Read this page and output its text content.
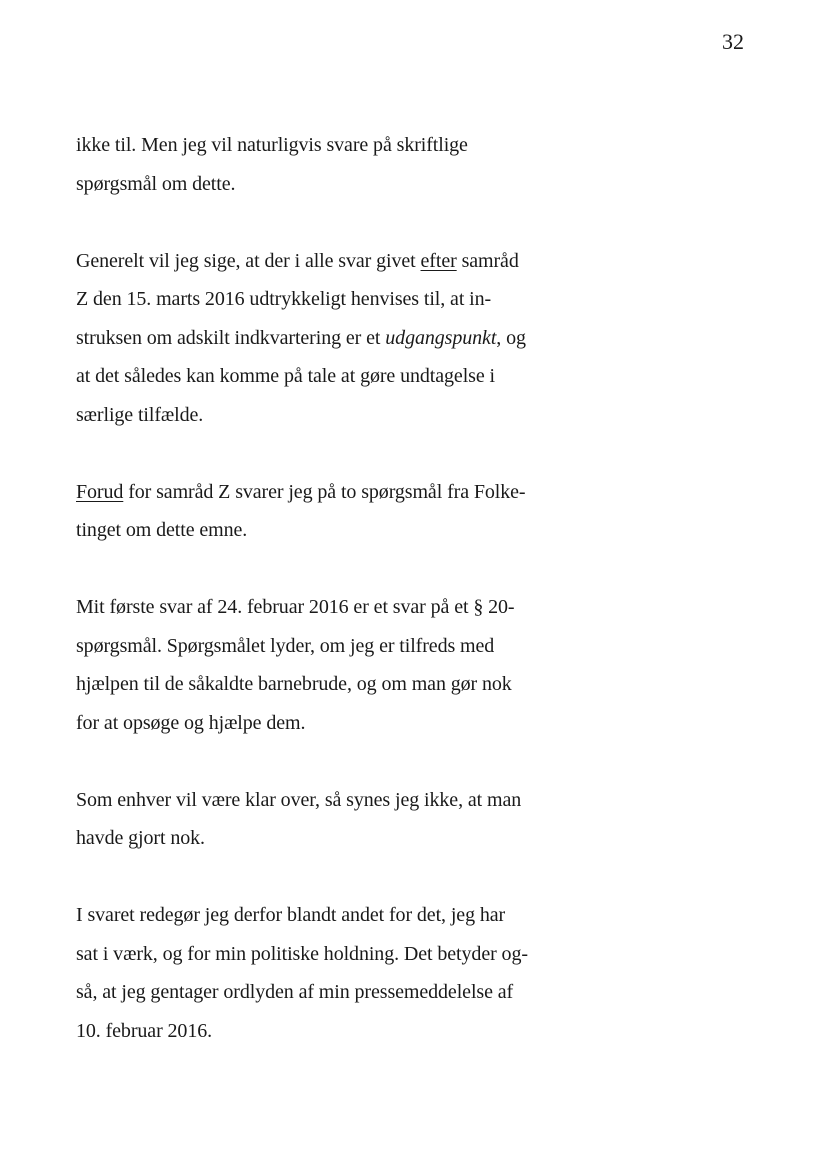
32

ikke til. Men jeg vil naturligvis svare på skriftlige
spørgsmål om dette.

Generelt vil jeg sige, at der i alle svar givet efter samråd
Z den 15. marts 2016 udtrykkeligt henvises til, at in-
struksen om adskilt indkvartering er et udgangspunkt, og
at det således kan komme på tale at gøre undtagelse i
særlige tilfælde.

Forud for samråd Z svarer jeg på to spørgsmål fra Folke-
tinget om dette emne.

Mit første svar af 24. februar 2016 er et svar på et § 20-
spørgsmål. Spørgsmålet lyder, om jeg er tilfreds med
hjælpen til de såkaldte barnebrude, og om man gør nok
for at opsøge og hjælpe dem.

Som enhver vil være klar over, så synes jeg ikke, at man
havde gjort nok.

I svaret redegør jeg derfor blandt andet for det, jeg har
sat i værk, og for min politiske holdning. Det betyder og-
så, at jeg gentager ordlyden af min pressemeddelelse af
10. februar 2016.
